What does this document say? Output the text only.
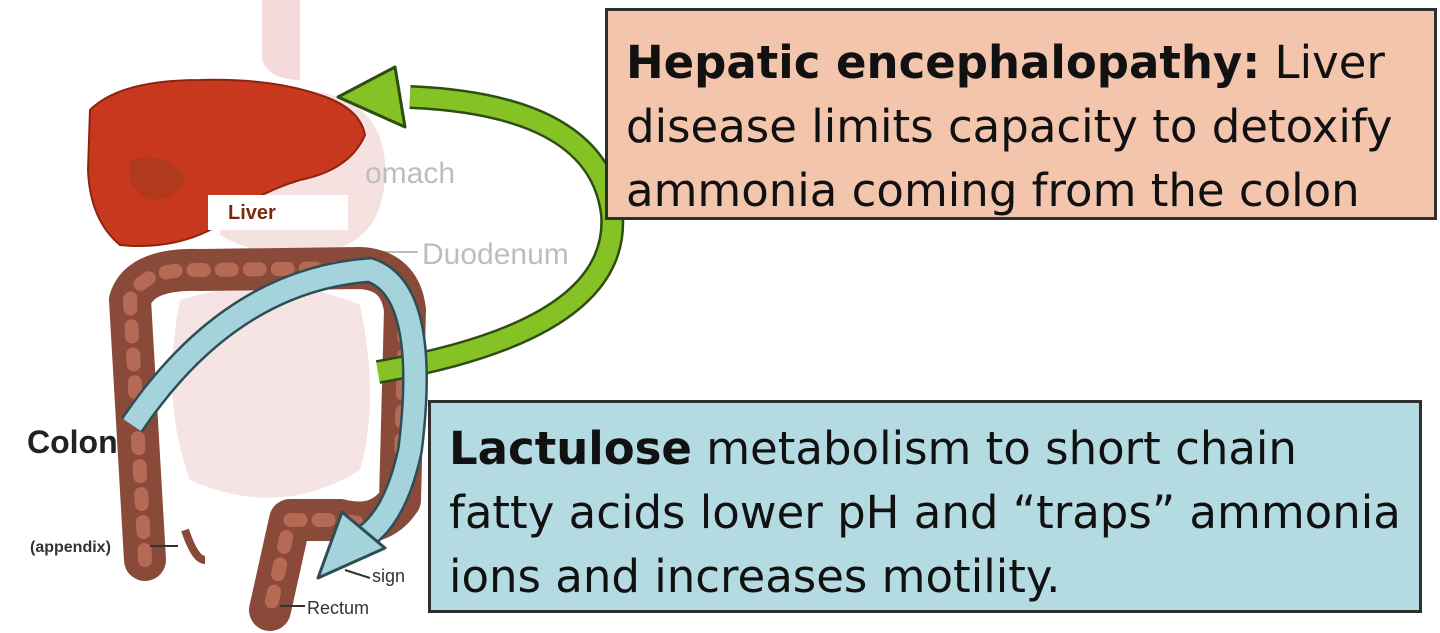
Liver
omach
Duodenum
Colon
(appendix)
sign
Rectum
Hepatic encephalopathy: Liver disease limits capacity to detoxify ammonia coming from the colon
Lactulose metabolism to short chain fatty acids lower pH and “traps” ammonia ions and increases motility.
